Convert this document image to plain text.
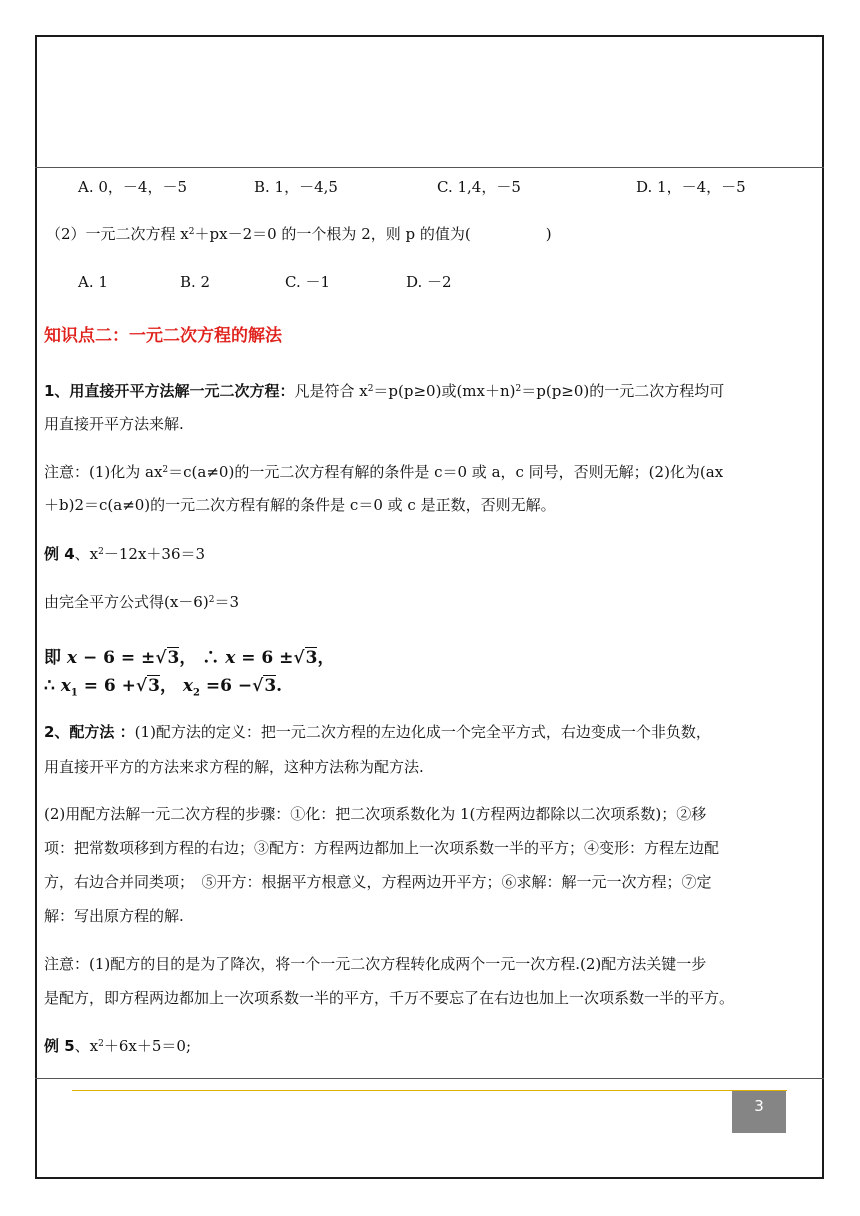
A. 0，－4，－5	B. 1，－4,5	C. 1,4，－5	D. 1，－4，－5
（2）一元二次方程 $x^2+px-2=0$ 的一个根为 2，则 p 的值为(　　　　　)
A. 1	B. 2	C. －1	D. －2
知识点二：一元二次方程的解法
1、用直接开平方法解一元二次方程：凡是符合 $x^2=p(p\ge 0)$或$(mx+n)^2=p(p\ge 0)$的一元二次方程均可
用直接开平方法来解.
注意：(1)化为 $ax^2=c(a\ne 0)$的一元二次方程有解的条件是 c＝0 或 a，c 同号，否则无解；(2)化为(ax
＋b)2＝c(a≠0)的一元二次方程有解的条件是 c＝0 或 c 是正数，否则无解。
例 4、$x^2-12x+36=3$
由完全平方公式得$(x-6)^2=3$
即 x − 6 = ±√3， ∴ x = 6 ±√3，
∴ $x_1 = 6 +√3$， $x_2 =6 -√3$.
2、配方法 ：(1)配方法的定义：把一元二次方程的左边化成一个完全平方式，右边变成一个非负数，
用直接开平方的方法来求方程的解，这种方法称为配方法.
(2)用配方法解一元二次方程的步骤：①化：把二次项系数化为 1(方程两边都除以二次项系数)；②移
项：把常数项移到方程的右边；③配方：方程两边都加上一次项系数一半的平方；④变形：方程左边配
方，右边合并同类项；　⑤开方：根据平方根意义，方程两边开平方；⑥求解：解一元一次方程；⑦定
解：写出原方程的解.
注意：(1)配方的目的是为了降次，将一个一元二次方程转化成两个一元一次方程.(2)配方法关键一步
是配方，即方程两边都加上一次项系数一半的平方，千万不要忘了在右边也加上一次项系数一半的平方。
例 5、$x^2+6x+5=0$;
3
